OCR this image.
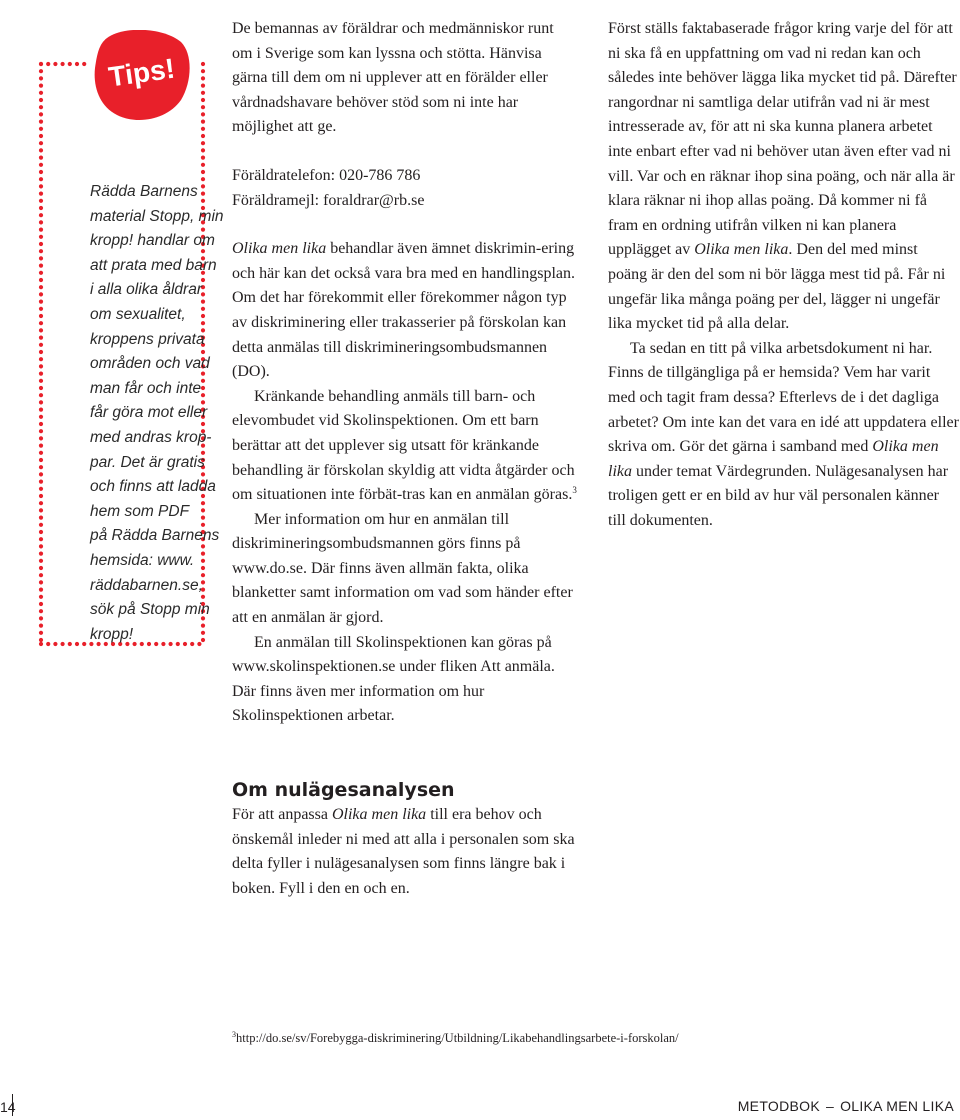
Tips!
Rädda Barnens
material Stopp, min
kropp! handlar om
att prata med barn
i alla olika åldrar
om sexualitet,
kroppens privata
områden och vad
man får och inte
får göra mot eller
med andras krop-
par. Det är gratis
och finns att ladda
hem som PDF
på Rädda Barnens
hemsida: www.
räddabarnen.se,
sök på Stopp min
kropp!

De bemannas av föräldrar och medmänniskor runt om i Sverige som kan lyssna och stötta. Hänvisa gärna till dem om ni upplever att en förälder eller vårdnadshavare behöver stöd som ni inte har möjlighet att ge.

Föräldratelefon: 020-786 786

Föräldramejl: foraldrar@rb.se

Olika men lika behandlar även ämnet diskrimin-ering och här kan det också vara bra med en handlingsplan. Om det har förekommit eller förekommer någon typ av diskriminering eller trakasserier på förskolan kan detta anmälas till diskrimineringsombudsmannen (DO).

Kränkande behandling anmäls till barn- och elevombudet vid Skolinspektionen. Om ett barn berättar att det upplever sig utsatt för kränkande behandling är förskolan skyldig att vidta åtgärder och om situationen inte förbät-tras kan en anmälan göras.$^3$

Mer information om hur en anmälan till diskrimineringsombudsmannen görs finns på www.do.se. Där finns även allmän fakta, olika blanketter samt information om vad som händer efter att en anmälan är gjord.

En anmälan till Skolinspektionen kan göras på www.skolinspektionen.se under fliken Att anmäla. Där finns även mer information om hur Skolinspektionen arbetar.

Om nulägesanalysen

För att anpassa Olika men lika till era behov och önskemål inleder ni med att alla i personalen som ska delta fyller i nulägesanalysen som finns längre bak i boken. Fyll i den en och en.

Först ställs faktabaserade frågor kring varje del för att ni ska få en uppfattning om vad ni redan kan och således inte behöver lägga lika mycket tid på. Därefter rangordnar ni samtliga delar utifrån vad ni är mest intresserade av, för att ni ska kunna planera arbetet inte enbart efter vad ni behöver utan även efter vad ni vill. Var och en räknar ihop sina poäng, och när alla är klara räknar ni ihop allas poäng. Då kommer ni få fram en ordning utifrån vilken ni kan planera upplägget av Olika men lika. Den del med minst poäng är den del som ni bör lägga mest tid på. Får ni ungefär lika många poäng per del, lägger ni ungefär lika mycket tid på alla delar.

Ta sedan en titt på vilka arbetsdokument ni har. Finns de tillgängliga på er hemsida? Vem har varit med och tagit fram dessa? Efterlevs de i det dagliga arbetet? Om inte kan det vara en idé att uppdatera eller skriva om. Gör det gärna i samband med Olika men lika under temat Värdegrunden. Nulägesanalysen har troligen gett er en bild av hur väl personalen känner till dokumenten.

$^3$http://do.se/sv/Forebygga-diskriminering/Utbildning/Likabehandlingsarbete-i-forskolan/
14	METODBOK – OLIKA MEN LIKA
